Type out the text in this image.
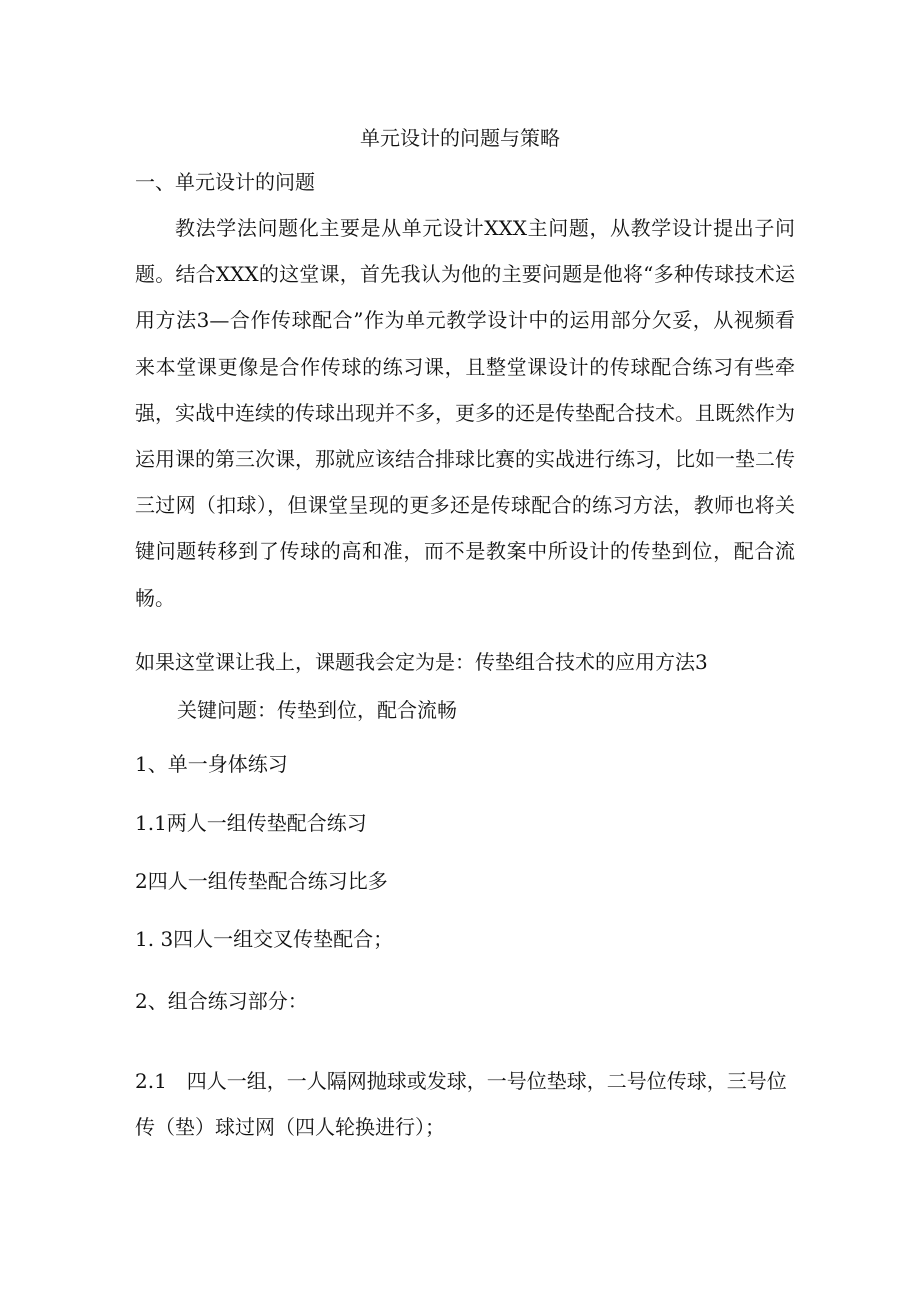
单元设计的问题与策略
一、单元设计的问题
教法学法问题化主要是从单元设计XXX主问题，从教学设计提出子问题。结合XXX的这堂课，首先我认为他的主要问题是他将“多种传球技术运用方法3—合作传球配合”作为单元教学设计中的运用部分欠妥，从视频看来本堂课更像是合作传球的练习课，且整堂课设计的传球配合练习有些牵强，实战中连续的传球出现并不多，更多的还是传垫配合技术。且既然作为运用课的第三次课，那就应该结合排球比赛的实战进行练习，比如一垫二传三过网（扣球），但课堂呈现的更多还是传球配合的练习方法，教师也将关键问题转移到了传球的高和准，而不是教案中所设计的传垫到位，配合流畅。
如果这堂课让我上，课题我会定为是：传垫组合技术的应用方法3
关键问题：传垫到位，配合流畅
1、单一身体练习
1.1两人一组传垫配合练习
2四人一组传垫配合练习比多
1. 3四人一组交叉传垫配合；
2、组合练习部分：
2.1　四人一组，一人隔网抛球或发球，一号位垫球，二号位传球，三号位
传（垫）球过网（四人轮换进行）；
